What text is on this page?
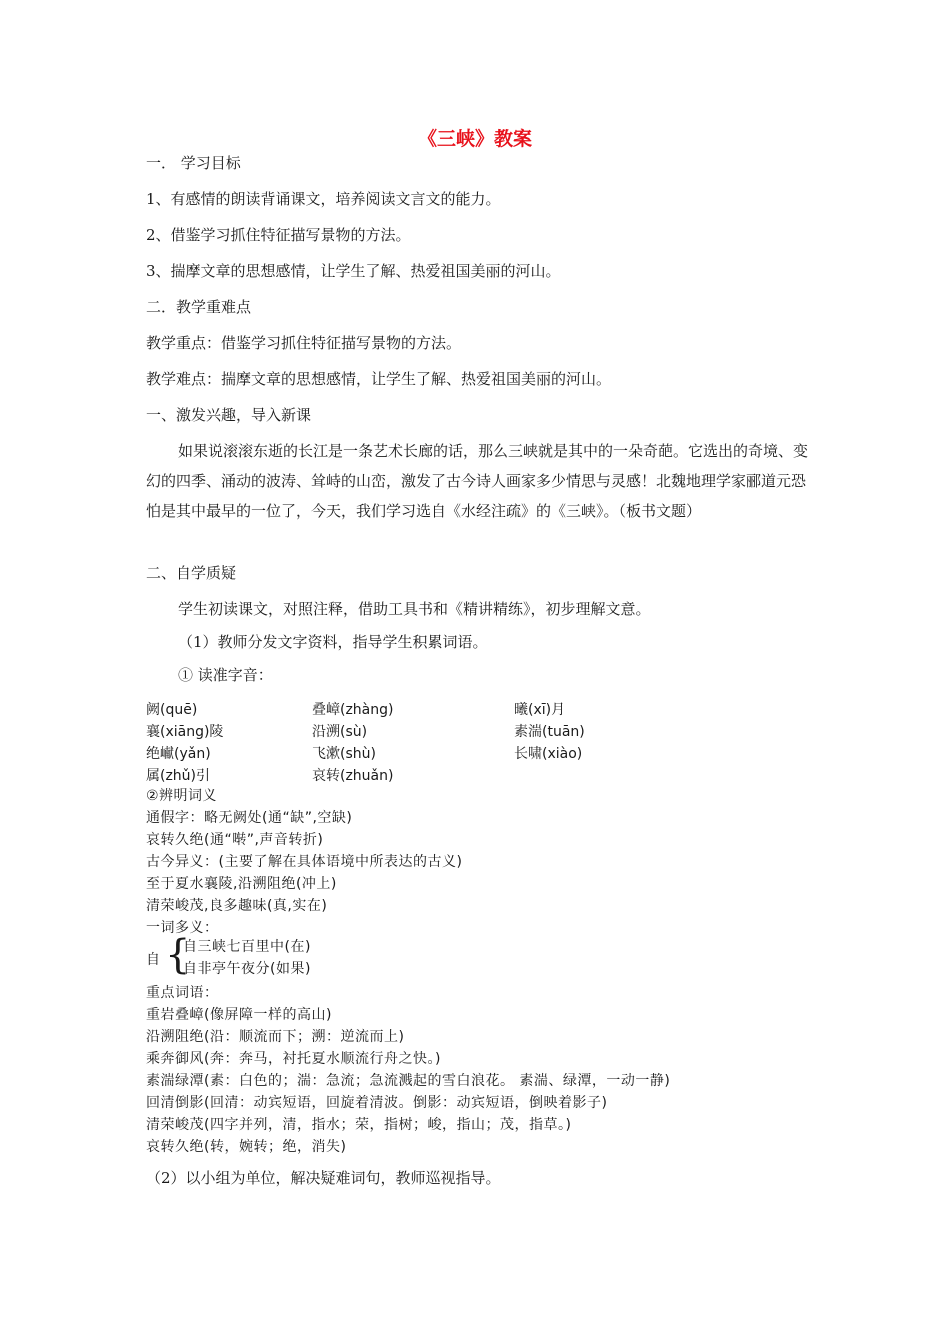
《三峡》教案
一． 学习目标
1、有感情的朗读背诵课文，培养阅读文言文的能力。
2、借鉴学习抓住特征描写景物的方法。
3、揣摩文章的思想感情，让学生了解、热爱祖国美丽的河山。
二．教学重难点
教学重点：借鉴学习抓住特征描写景物的方法。
教学难点：揣摩文章的思想感情，让学生了解、热爱祖国美丽的河山。
一、激发兴趣，导入新课
如果说滚滚东逝的长江是一条艺术长廊的话，那么三峡就是其中的一朵奇葩。它选出的奇境、变幻的四季、涌动的波涛、耸峙的山峦，激发了古今诗人画家多少情思与灵感！北魏地理学家郦道元恐怕是其中最早的一位了，今天，我们学习选自《水经注疏》的《三峡》。（板书文题）
二、自学质疑
学生初读课文，对照注释，借助工具书和《精讲精练》，初步理解文意。
（1）教师分发文字资料，指导学生积累词语。
① 读准字音：
阙(quē)	叠嶂(zhàng)	曦(xī)月
襄(xiāng)陵	沿溯(sù)	素湍(tuān)
绝𪩘(yǎn)	飞漱(shù)	长啸(xiào)
属(zhǔ)引	哀转(zhuǎn)
②辨明词义
通假字：略无阙处(通“缺”,空缺)
哀转久绝(通“啭”,声音转折)
古今异义：(主要了解在具体语境中所表达的古义)
至于夏水襄陵,沿溯阻绝(冲上)
清荣峻茂,良多趣味(真,实在)
一词多义：
自 {
自三峡七百里中(在)
自非亭午夜分(如果)
重点词语：
重岩叠嶂(像屏障一样的高山)
沿溯阻绝(沿：顺流而下；溯：逆流而上)
乘奔御风(奔：奔马，衬托夏水顺流行舟之快。)
素湍绿潭(素：白色的；湍：急流；急流溅起的雪白浪花。 素湍、绿潭，一动一静)
回清倒影(回清：动宾短语，回旋着清波。倒影：动宾短语，倒映着影子)
清荣峻茂(四字并列，清，指水；荣，指树；峻，指山；茂，指草。)
哀转久绝(转，婉转；绝，消失)
（2）以小组为单位，解决疑难词句，教师巡视指导。
